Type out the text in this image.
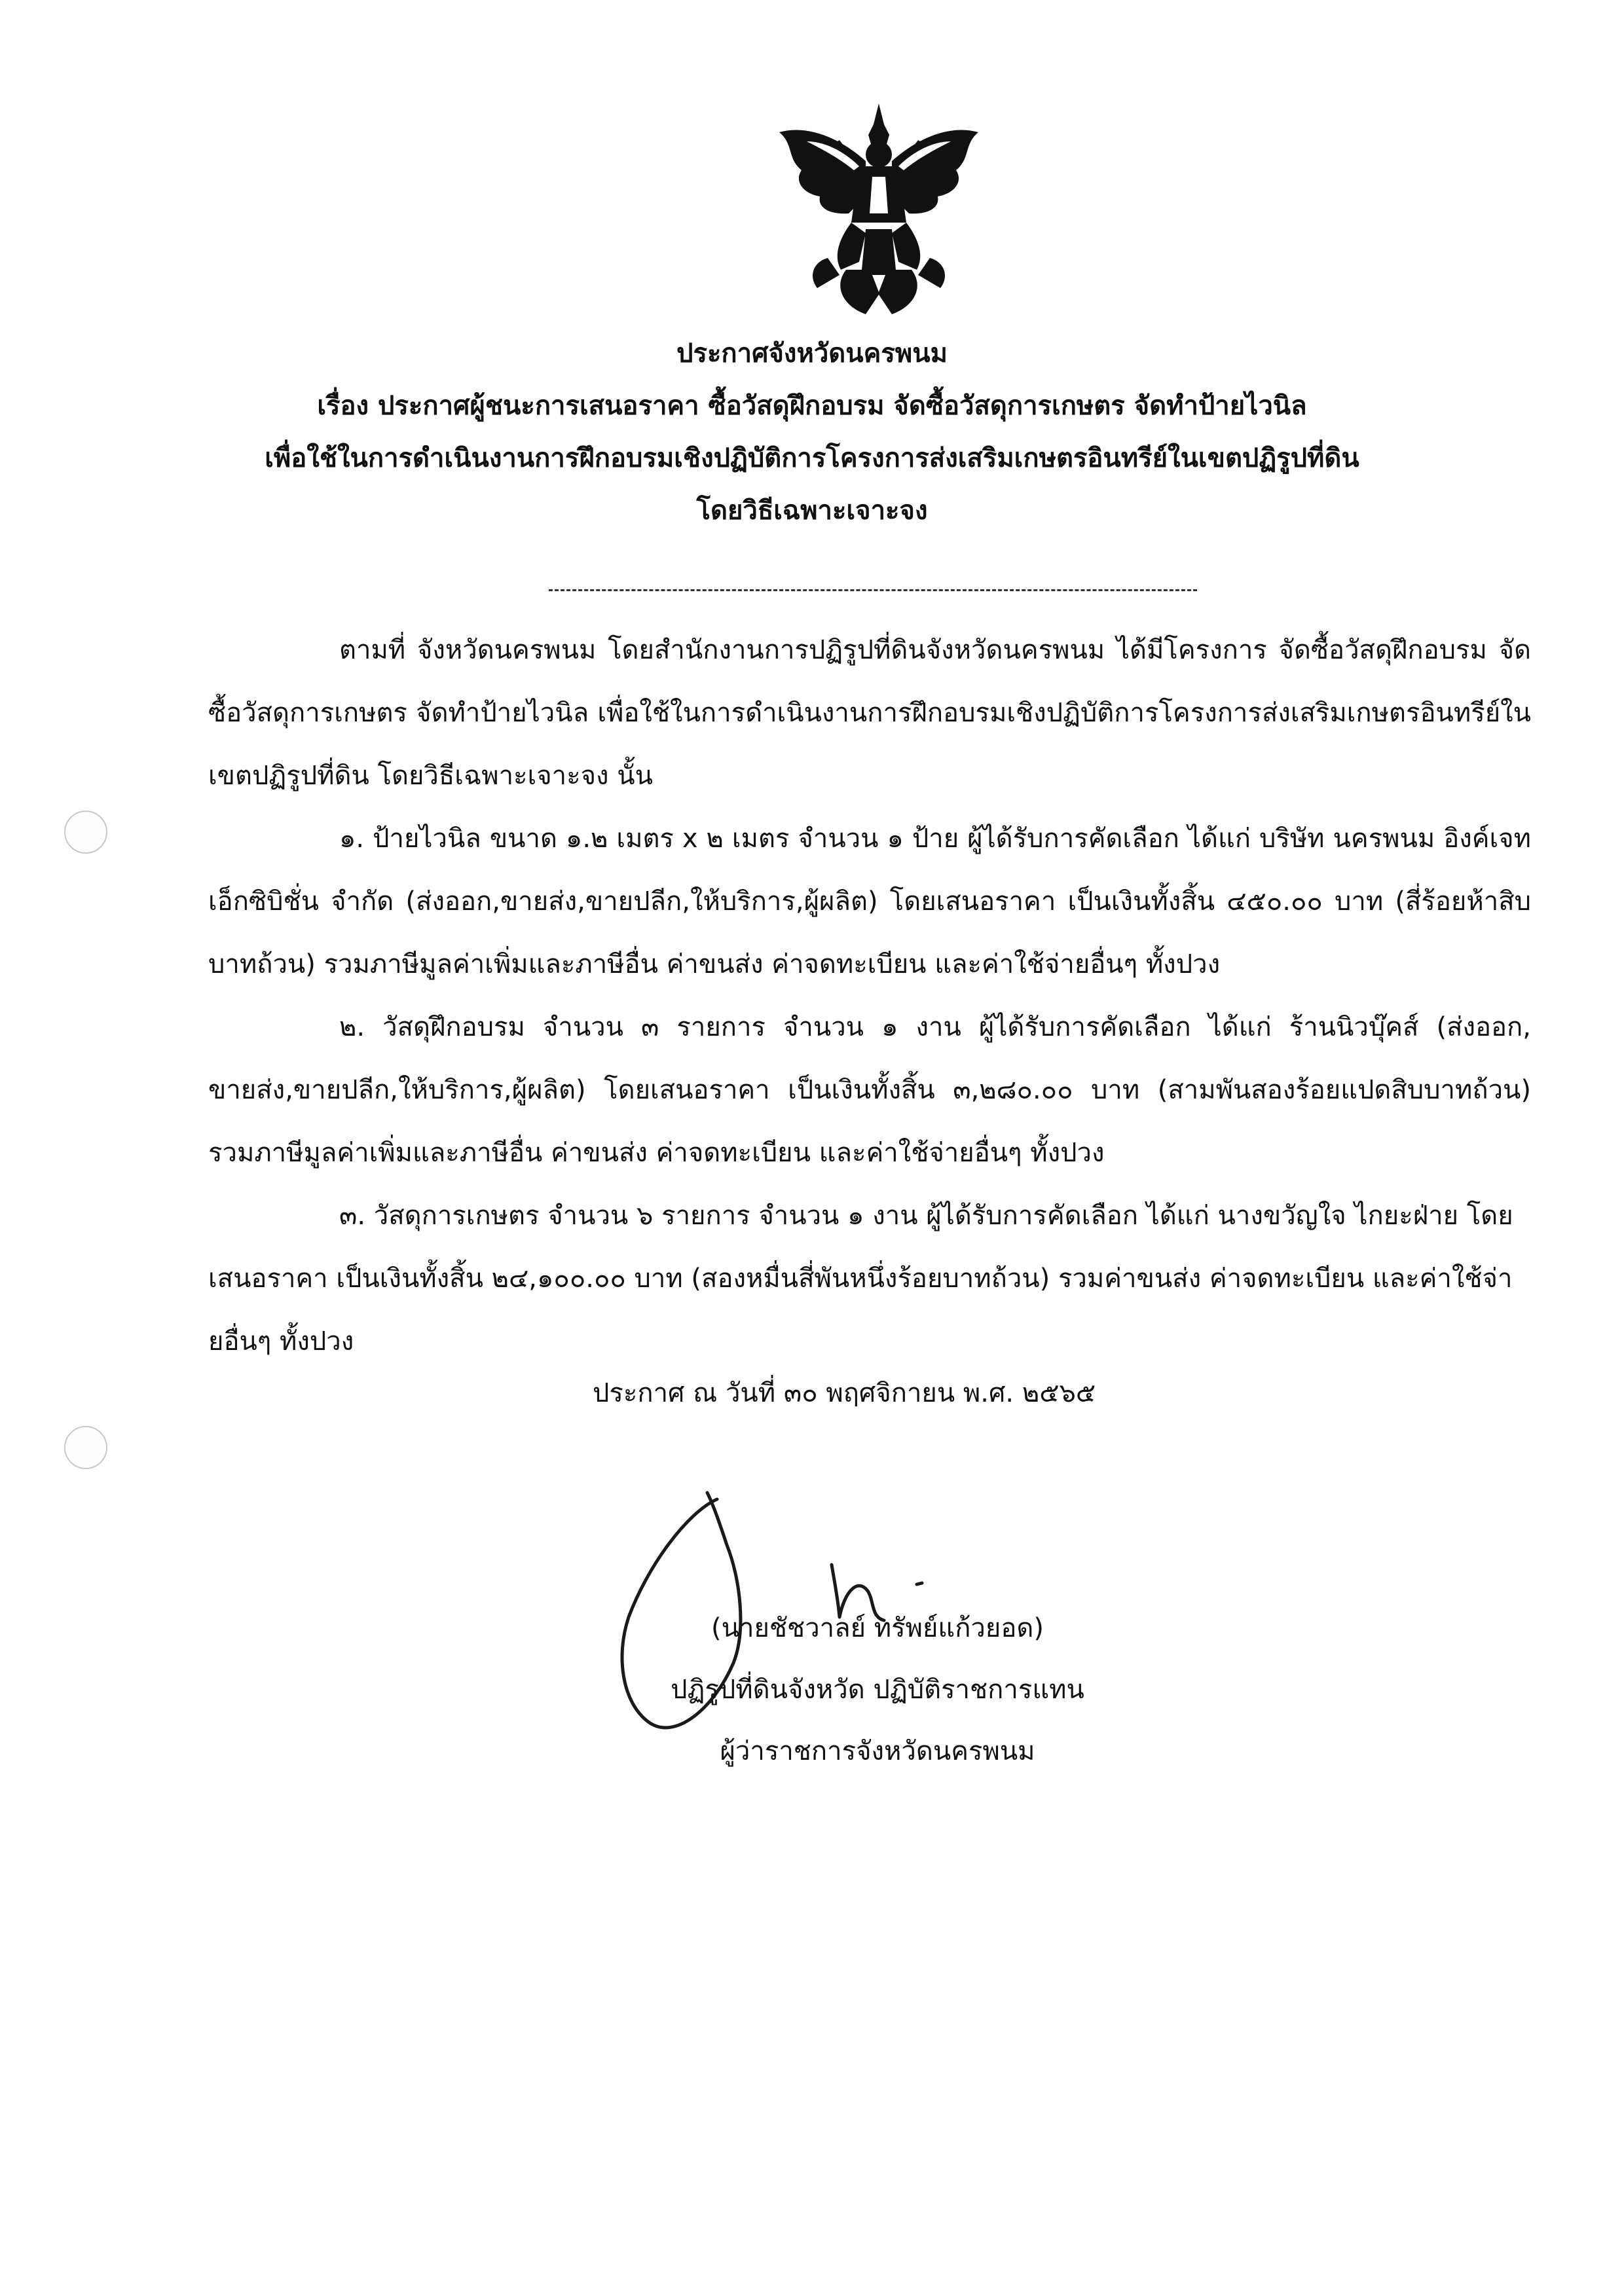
ประกาศจังหวัดนครพนม
เรื่อง ประกาศผู้ชนะการเสนอราคา ซื้อวัสดุฝึกอบรม จัดซื้อวัสดุการเกษตร จัดทำป้ายไวนิล
เพื่อใช้ในการดำเนินงานการฝึกอบรมเชิงปฏิบัติการโครงการส่งเสริมเกษตรอินทรีย์ในเขตปฏิรูปที่ดิน
โดยวิธีเฉพาะเจาะจง

ตามที่ จังหวัดนครพนม โดยสำนักงานการปฏิรูปที่ดินจังหวัดนครพนม ได้มีโครงการ จัดซื้อวัสดุฝึกอบรม จัดซื้อวัสดุการเกษตร จัดทำป้ายไวนิล เพื่อใช้ในการดำเนินงานการฝึกอบรมเชิงปฏิบัติการโครงการส่งเสริมเกษตรอินทรีย์ในเขตปฏิรูปที่ดิน โดยวิธีเฉพาะเจาะจง นั้น

๑. ป้ายไวนิล ขนาด ๑.๒ เมตร x ๒ เมตร จำนวน ๑ ป้าย ผู้ได้รับการคัดเลือก ได้แก่ บริษัท นครพนม อิงค์เจท เอ็กซิบิชั่น จำกัด (ส่งออก,ขายส่ง,ขายปลีก,ให้บริการ,ผู้ผลิต) โดยเสนอราคา เป็นเงินทั้งสิ้น ๔๕๐.๐๐ บาท (สี่ร้อยห้าสิบบาทถ้วน) รวมภาษีมูลค่าเพิ่มและภาษีอื่น ค่าขนส่ง ค่าจดทะเบียน และค่าใช้จ่ายอื่นๆ ทั้งปวง

๒. วัสดุฝึกอบรม จำนวน ๓ รายการ จำนวน ๑ งาน ผู้ได้รับการคัดเลือก ได้แก่ ร้านนิวบุ๊คส์ (ส่งออก, ขายส่ง,ขายปลีก,ให้บริการ,ผู้ผลิต) โดยเสนอราคา เป็นเงินทั้งสิ้น ๓,๒๘๐.๐๐ บาท (สามพันสองร้อยแปดสิบบาทถ้วน) รวมภาษีมูลค่าเพิ่มและภาษีอื่น ค่าขนส่ง ค่าจดทะเบียน และค่าใช้จ่ายอื่นๆ ทั้งปวง

๓. วัสดุการเกษตร จำนวน ๖ รายการ จำนวน ๑ งาน ผู้ได้รับการคัดเลือก ได้แก่ นางขวัญใจ ไกยะฝ่าย โดยเสนอราคา เป็นเงินทั้งสิ้น ๒๔,๑๐๐.๐๐ บาท (สองหมื่นสี่พันหนึ่งร้อยบาทถ้วน) รวมค่าขนส่ง ค่าจดทะเบียน และค่าใช้จ่ายอื่นๆ ทั้งปวง

ประกาศ ณ วันที่ ๓๐ พฤศจิกายน พ.ศ. ๒๕๖๕
(นายชัชวาลย์ ทรัพย์แก้วยอด)
ปฏิรูปที่ดินจังหวัด ปฏิบัติราชการแทน
ผู้ว่าราชการจังหวัดนครพนม
